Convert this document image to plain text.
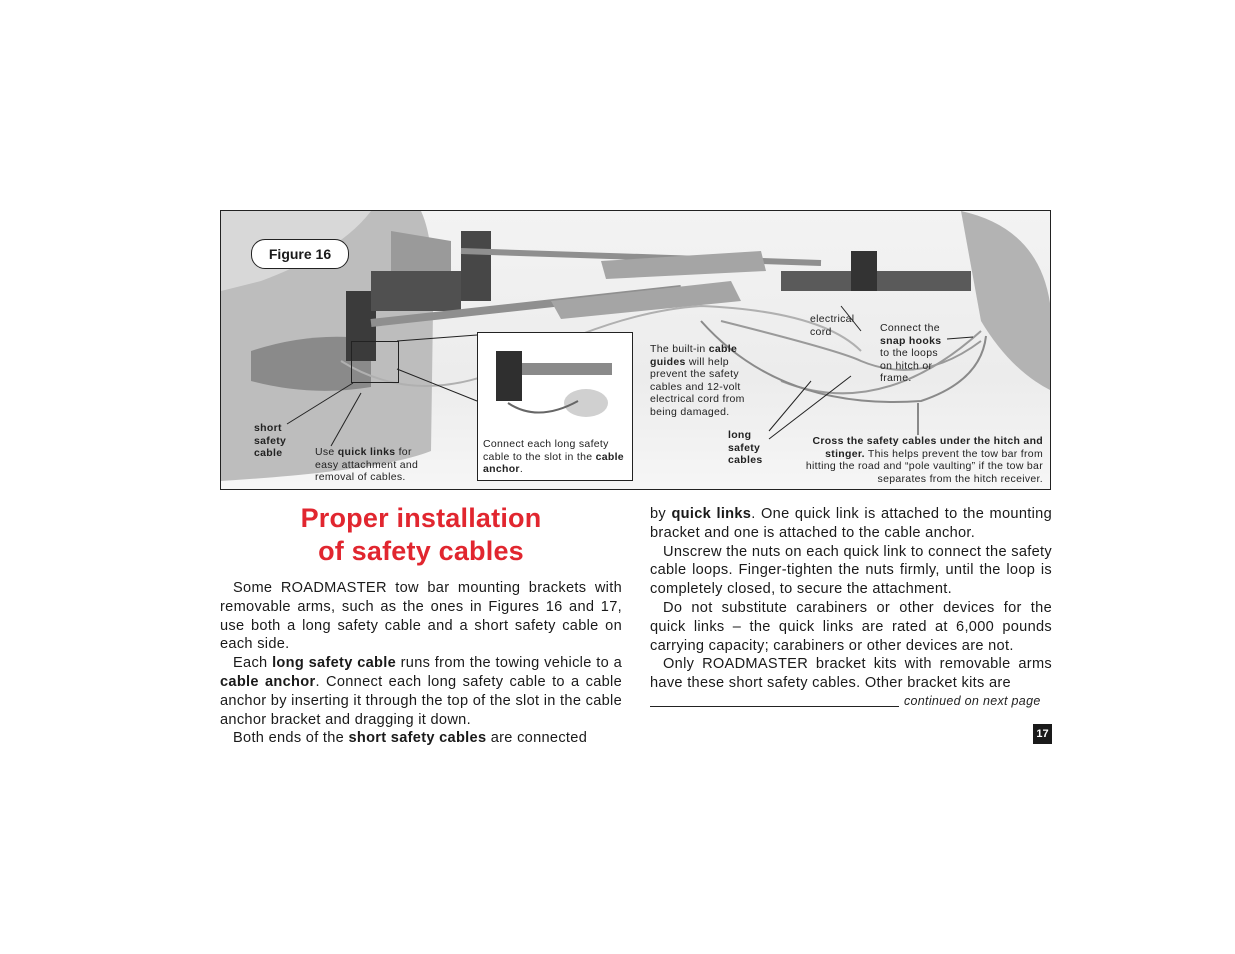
Figure 16
short
safety
cable	Use quick links for easy attachment and removal of cables.
Connect each long safety cable to the slot in the cable anchor.
The built-in cable guides will help prevent the safety cables and 12-volt electrical cord from being damaged.
electrical
cord	Connect the snap hooks to the loops on hitch or frame.
long
safety
cables
Cross the safety cables under the hitch and stinger. This helps prevent the tow bar from hitting the road and “pole vaulting” if the tow bar separates from the hitch receiver.
Proper installation
of safety cables

Some ROADMASTER tow bar mounting brackets with removable arms, such as the ones in Figures 16 and 17, use both a long safety cable and a short safety cable on each side.

Each long safety cable runs from the towing vehicle to a cable anchor. Connect each long safety cable to a cable anchor by inserting it through the top of the slot in the cable anchor bracket and dragging it down.

Both ends of the short safety cables are connected

by quick links. One quick link is attached to the mounting bracket and one is attached to the cable anchor.

Unscrew the nuts on each quick link to connect the safety cable loops. Finger-tighten the nuts firmly, until the loop is completely closed, to secure the attachment.

Do not substitute carabiners or other devices for the quick links – the quick links are rated at 6,000 pounds carrying capacity; carabiners or other devices are not.

Only ROADMASTER bracket kits with removable arms have these short safety cables. Other bracket kits are

continued on next page
17
